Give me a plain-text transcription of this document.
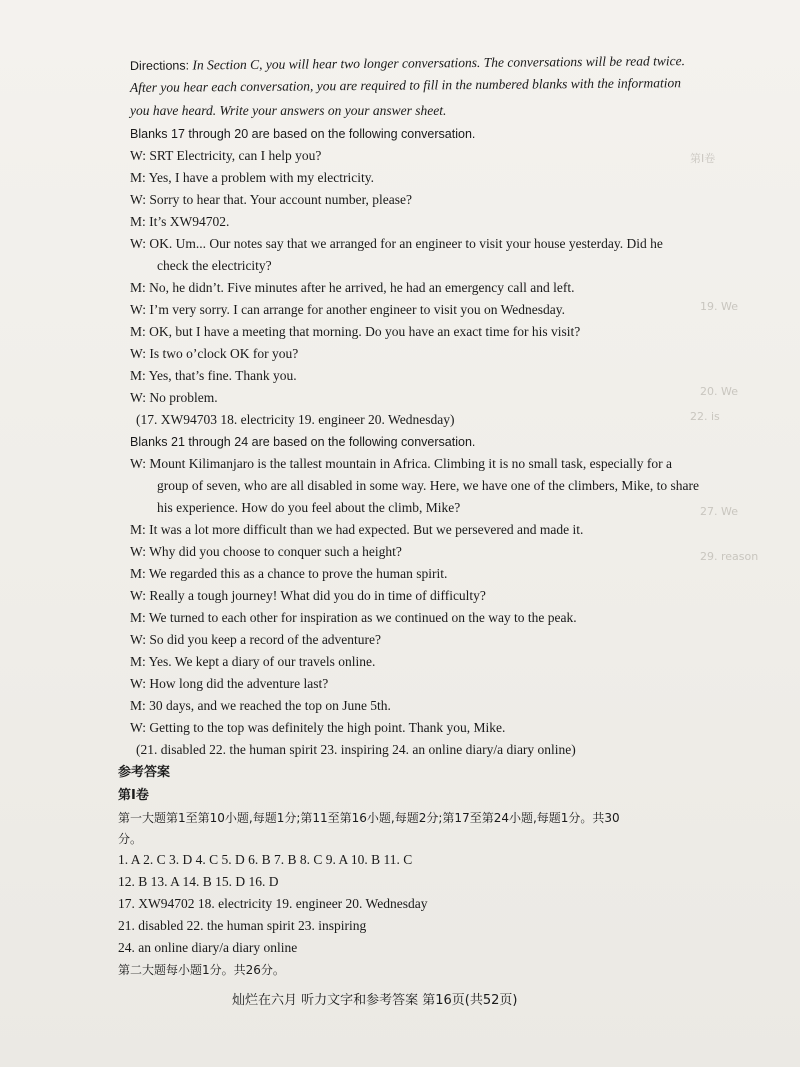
第Ⅰ卷
19. We
20. We
22. is
27. We
29. reason
Directions: In Section C, you will hear two longer conversations. The conversations will be read twice.
After you hear each conversation, you are required to fill in the numbered blanks with the information
you have heard. Write your answers on your answer sheet.
Blanks 17 through 20 are based on the following conversation.
W: SRT Electricity, can I help you?
M: Yes, I have a problem with my electricity.
W: Sorry to hear that. Your account number, please?
M: It’s XW94702.
W: OK. Um... Our notes say that we arranged for an engineer to visit your house yesterday. Did he
check the electricity?
M: No, he didn’t. Five minutes after he arrived, he had an emergency call and left.
W: I’m very sorry. I can arrange for another engineer to visit you on Wednesday.
M: OK, but I have a meeting that morning. Do you have an exact time for his visit?
W: Is two o’clock OK for you?
M: Yes, that’s fine. Thank you.
W: No problem.
(17. XW94703 18. electricity 19. engineer 20. Wednesday)
Blanks 21 through 24 are based on the following conversation.
W: Mount Kilimanjaro is the tallest mountain in Africa. Climbing it is no small task, especially for a
group of seven, who are all disabled in some way. Here, we have one of the climbers, Mike, to share
his experience. How do you feel about the climb, Mike?
M: It was a lot more difficult than we had expected. But we persevered and made it.
W: Why did you choose to conquer such a height?
M: We regarded this as a chance to prove the human spirit.
W: Really a tough journey! What did you do in time of difficulty?
M: We turned to each other for inspiration as we continued on the way to the peak.
W: So did you keep a record of the adventure?
M: Yes. We kept a diary of our travels online.
W: How long did the adventure last?
M: 30 days, and we reached the top on June 5th.
W: Getting to the top was definitely the high point. Thank you, Mike.
(21. disabled 22. the human spirit 23. inspiring 24. an online diary/a diary online)
参考答案
第Ⅰ卷
第一大题第1至第10小题,每题1分;第11至第16小题,每题2分;第17至第24小题,每题1分。共30
分。
1. A 2. C 3. D 4. C 5. D 6. B 7. B 8. C 9. A 10. B 11. C
12. B 13. A 14. B 15. D 16. D
17. XW94702 18. electricity 19. engineer 20. Wednesday
21. disabled 22. the human spirit 23. inspiring
24. an online diary/a diary online
第二大题每小题1分。共26分。
灿烂在六月 听力文字和参考答案 第16页(共52页)
